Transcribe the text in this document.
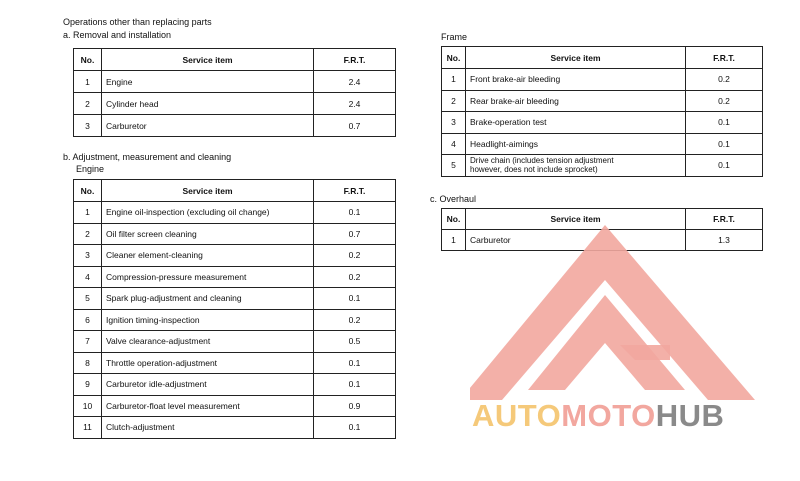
Operations other than replacing parts
a. Removal and installation
No.	Service item	F.R.T.
1	Engine	2.4
2	Cylinder head	2.4
3	Carburetor	0.7
b. Adjustment, measurement and cleaning
Engine
No.	Service item	F.R.T.
1	Engine oil-inspection (excluding oil change)	0.1
2	Oil filter screen cleaning	0.7
3	Cleaner element-cleaning	0.2
4	Compression-pressure measurement	0.2
5	Spark plug-adjustment and cleaning	0.1
6	Ignition timing-inspection	0.2
7	Valve clearance-adjustment	0.5
8	Throttle operation-adjustment	0.1
9	Carburetor idle-adjustment	0.1
10	Carburetor-float level measurement	0.9
11	Clutch-adjustment	0.1
Frame
No.	Service item	F.R.T.
1	Front brake-air bleeding	0.2
2	Rear brake-air bleeding	0.2
3	Brake-operation test	0.1
4	Headlight-aimings	0.1
5	Drive chain (includes tension adjustment
however, does not include sprocket)	0.1
c. Overhaul
No.	Service item	F.R.T.
1	Carburetor	1.3
AUTOMOTOHUB
